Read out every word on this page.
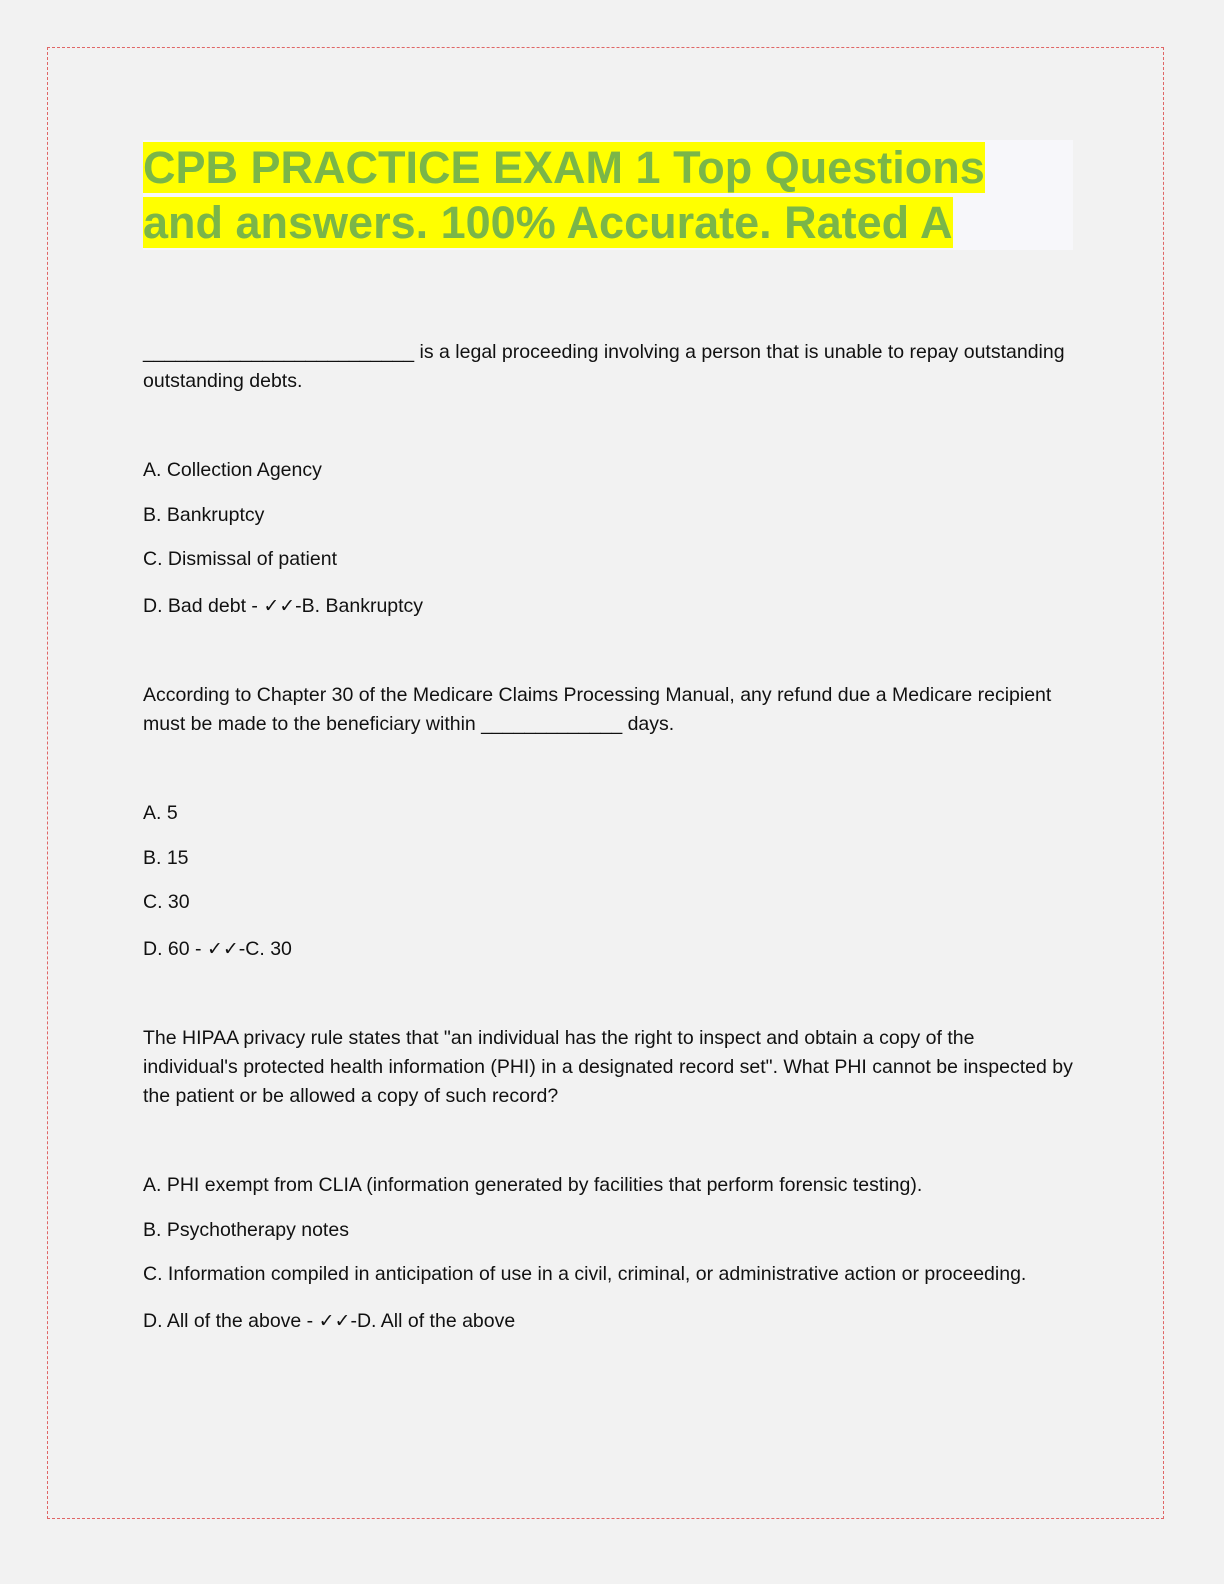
CPB PRACTICE EXAM 1 Top Questions
and answers. 100% Accurate. Rated A

_________________________ is a legal proceeding involving a person that is unable to repay outstanding outstanding debts.

A. Collection Agency

B. Bankruptcy

C. Dismissal of patient

D. Bad debt - ✓✓-B. Bankruptcy

According to Chapter 30 of the Medicare Claims Processing Manual, any refund due a Medicare recipient must be made to the beneficiary within _____________ days.

A. 5

B. 15

C. 30

D. 60 - ✓✓-C. 30

The HIPAA privacy rule states that "an individual has the right to inspect and obtain a copy of the individual's protected health information (PHI) in a designated record set". What PHI cannot be inspected by the patient or be allowed a copy of such record?

A. PHI exempt from CLIA (information generated by facilities that perform forensic testing).

B. Psychotherapy notes

C. Information compiled in anticipation of use in a civil, criminal, or administrative action or proceeding.

D. All of the above - ✓✓-D. All of the above
